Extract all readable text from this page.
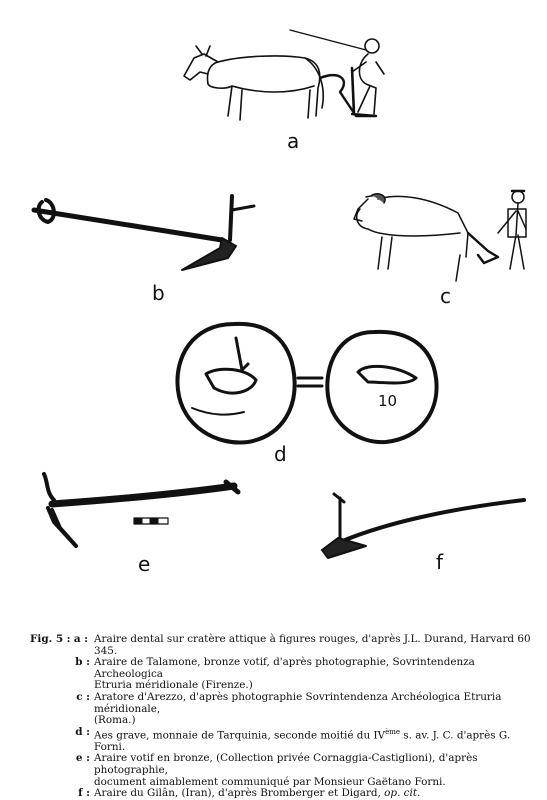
a
b	c
10
d
e	f
Fig. 5 : a : Araire dental sur cratère attique à figures rouges, d'après J.L. Durand, Harvard 60 345.
b : Araire de Talamone, bronze votif, d'après photographie, Sovrintendenza Archeologica
Etruria méridionale (Firenze.)
c : Aratore d'Arezzo, d'après photographie Sovrintendenza Archéologica Etruria méridionale,
(Roma.)
d : Aes grave, monnaie de Tarquinia, seconde moitié du IVème s. av. J. C. d'après G. Forni.
e : Araire votif en bronze, (Collection privée Cornaggia-Castiglioni), d'après photographie,
document aimablement communiqué par Monsieur Gaëtano Forni.
f : Araire du Gilân, (Iran), d'après Bromberger et Digard, op. cit.
